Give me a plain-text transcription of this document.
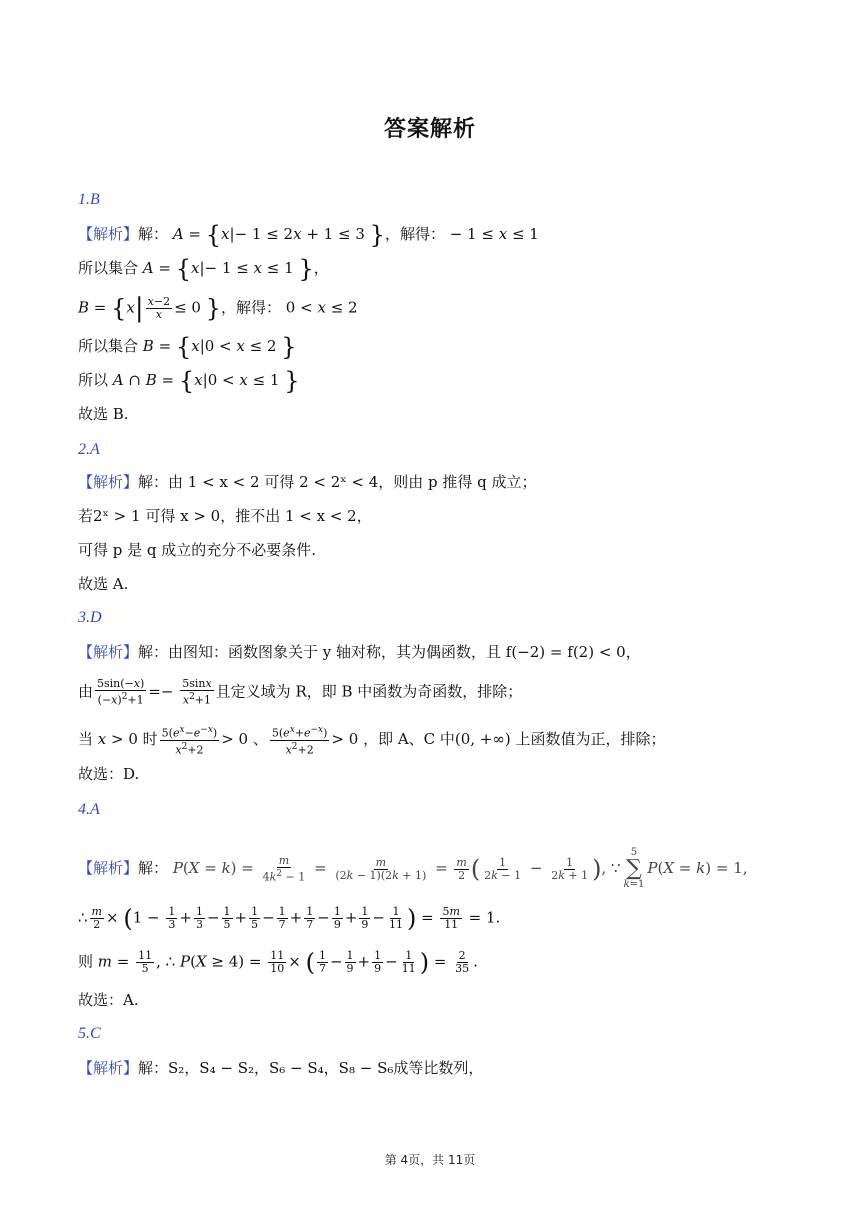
答案解析
1.B
【解析】解： A = {x|− 1 ≤ 2x + 1 ≤ 3 }，解得： − 1 ≤ x ≤ 1
所以集合 A = {x|− 1 ≤ x ≤ 1 }，
$B = \{x| \frac{x-2}{x} \le 0$ }，解得： 0 < x ≤ 2
所以集合 B = {x|0 < x ≤ 2 }
所以 A ∩ B = {x|0 < x ≤ 1 }
故选 B.
2.A
【解析】解：由 1 < x < 2 可得 2 < 2ˣ < 4，则由 p 推得 q 成立；
若2ˣ > 1 可得 x > 0，推不出 1 < x < 2，
可得 p 是 q 成立的充分不必要条件.
故选 A.
3.D
【解析】解：由图知：函数图象关于 y 轴对称，其为偶函数，且 f(−2) = f(2) < 0，
由 $\frac{5\sin(-x)}{(-x)^2+1} =- \frac{5\sin x}{x^2+1}$ 且定义域为 R，即 B 中函数为奇函数，排除；
当 x > 0 时 $\frac{5(e^x-e^{-x})}{x^2+2} > 0$ 、 $\frac{5(e^x+e^{-x})}{x^2+2} > 0$ ，即 A、C 中(0, +∞) 上函数值为正，排除；
故选：D.
4.A
【解析】解： $P(X = k) = \frac{m}{4k^2 - 1} = \frac{m}{(2k - 1)(2k + 1)} = \frac{m}{2}$ ( $\frac{1}{2k - 1} - \frac{1}{2k + 1}$ ), ∵
5
∑
k=1
P(X = k) = 1,
∴ $\frac{m}{2} \times (1 - \frac{1}{3} + \frac{1}{3} - \frac{1}{5} + \frac{1}{5} - \frac{1}{7} + \frac{1}{7} - \frac{1}{9} + \frac{1}{9} - \frac{1}{11}$ ) = $\frac{5m}{11} = 1$.
则 $m = \frac{11}{5}$ , ∴ $P(X \ge 4) = \frac{11}{10}$ × ( $\frac{1}{7} - \frac{1}{9} + \frac{1}{9} - \frac{1}{11}$ ) = $\frac{2}{35}$ .
故选：A.
5.C
【解析】解：S₂，S₄ − S₂，S₆ − S₄，S₈ − S₆成等比数列，
第 4页，共 11页
